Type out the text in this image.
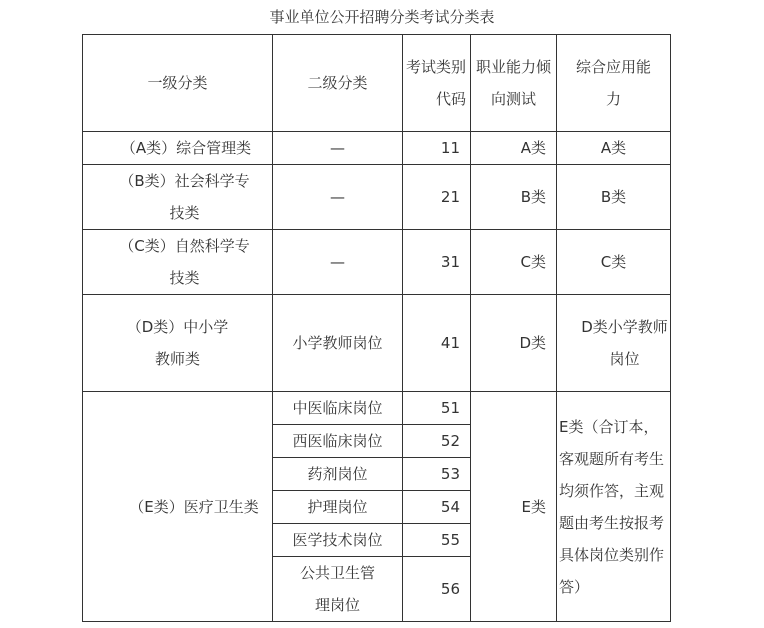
事业单位公开招聘分类考试分类表
一级分类	二级分类	考试类别代码	职业能力倾向测试	综合应用能力
（A类）综合管理类	—	11	A类	A类
（B类）社会科学专技类	—	21	B类	B类
（C类）自然科学专技类	—	31	C类	C类
（D类）中小学教师类	小学教师岗位	41	D类	D类小学教师岗位
（E类）医疗卫生类	中医临床岗位	51	E类	E类（合订本，客观题所有考生均须作答，主观题由考生按报考具体岗位类别作答）
	西医临床岗位	52		
	药剂岗位	53		
	护理岗位	54		
	医学技术岗位	55		
	公共卫生管理岗位	56		
